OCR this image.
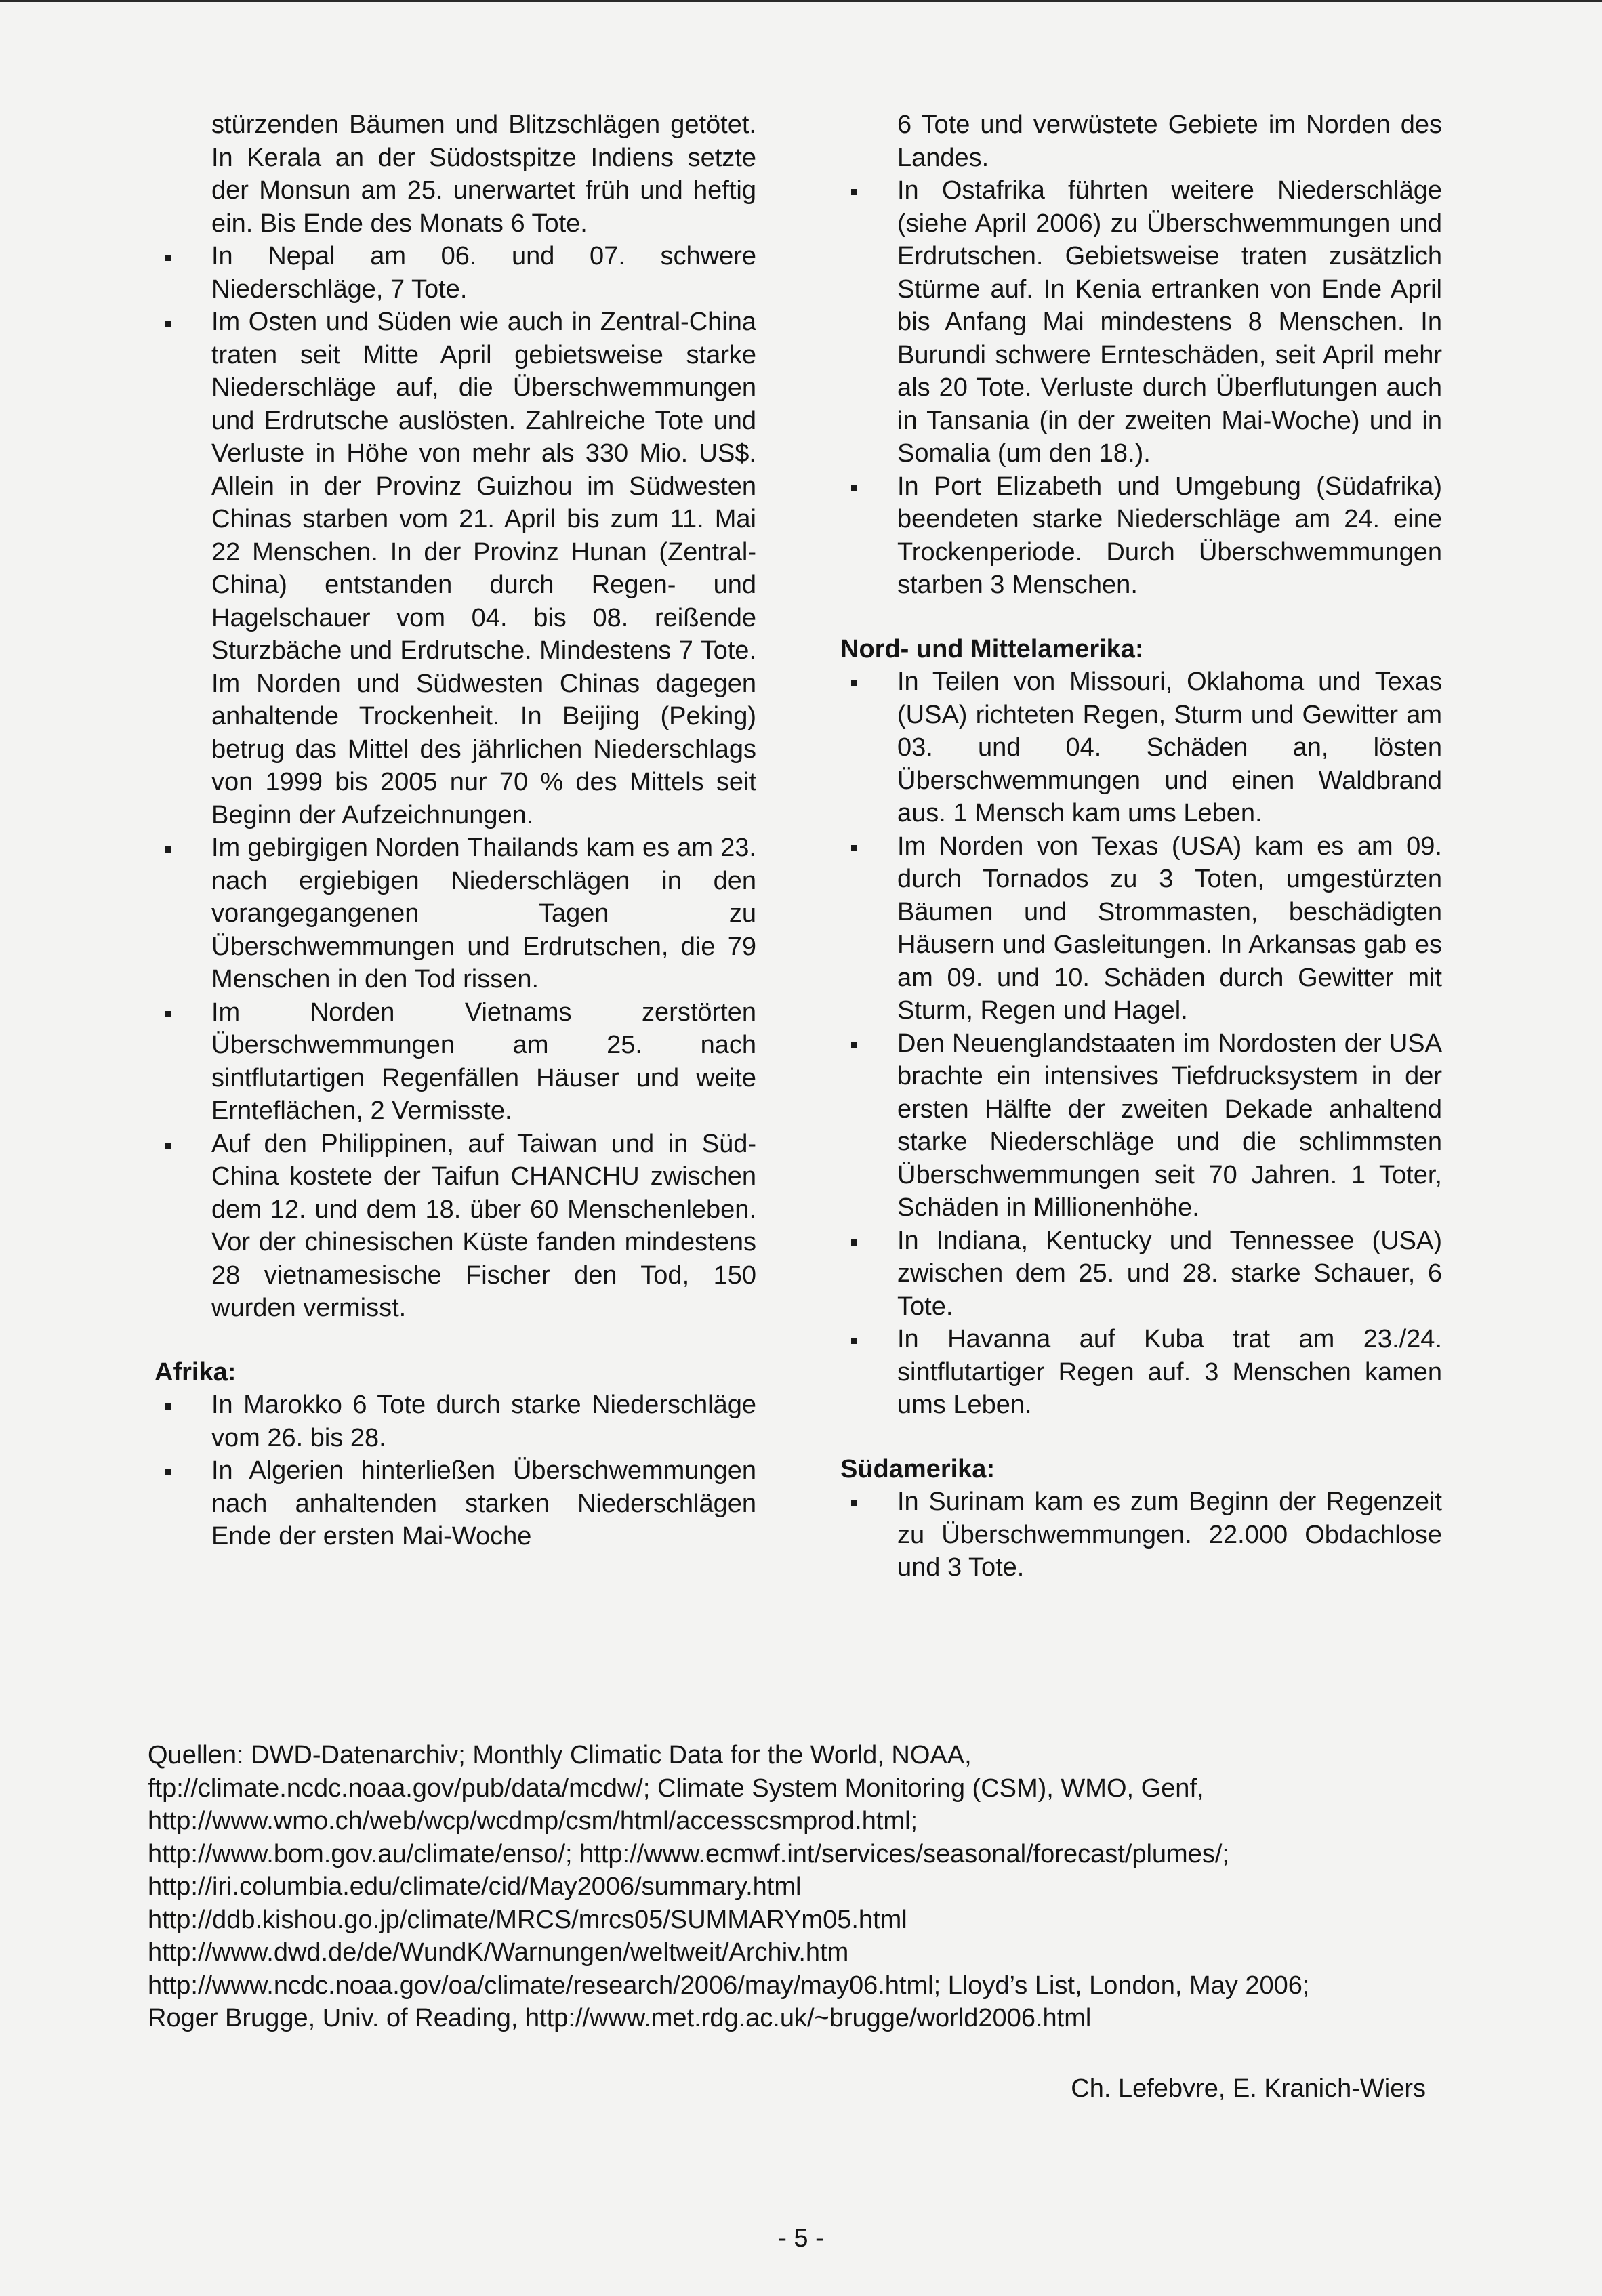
stürzenden Bäumen und Blitzschlägen getötet. In Kerala an der Südostspitze Indiens setzte der Monsun am 25. unerwartet früh und heftig ein. Bis Ende des Monats 6 Tote.

In Nepal am 06. und 07. schwere Niederschläge, 7 Tote.
Im Osten und Süden wie auch in Zentral-China traten seit Mitte April gebietsweise starke Niederschläge auf, die Überschwemmungen und Erdrutsche auslösten. Zahlreiche Tote und Verluste in Höhe von mehr als 330 Mio. US$. Allein in der Provinz Guizhou im Südwesten Chinas starben vom 21. April bis zum 11. Mai 22 Menschen. In der Provinz Hunan (Zentral-China) entstanden durch Regen- und Hagelschauer vom 04. bis 08. reißende Sturzbäche und Erdrutsche. Mindestens 7 Tote. Im Norden und Südwesten Chinas dagegen anhaltende Trockenheit. In Beijing (Peking) betrug das Mittel des jährlichen Niederschlags von 1999 bis 2005 nur 70 % des Mittels seit Beginn der Aufzeichnungen.
Im gebirgigen Norden Thailands kam es am 23. nach ergiebigen Niederschlägen in den vorangegangenen Tagen zu Überschwemmungen und Erdrutschen, die 79 Menschen in den Tod rissen.
Im Norden Vietnams zerstörten Überschwemmungen am 25. nach sintflutartigen Regenfällen Häuser und weite Ernteflächen, 2 Vermisste.
Auf den Philippinen, auf Taiwan und in Süd-China kostete der Taifun CHANCHU zwischen dem 12. und dem 18. über 60 Menschenleben. Vor der chinesischen Küste fanden mindestens 28 vietnamesische Fischer den Tod, 150 wurden vermisst.
Afrika:
In Marokko 6 Tote durch starke Niederschläge vom 26. bis 28.
In Algerien hinterließen Überschwemmungen nach anhaltenden starken Niederschlägen Ende der ersten Mai-Woche

6 Tote und verwüstete Gebiete im Norden des Landes.

In Ostafrika führten weitere Niederschläge (siehe April 2006) zu Überschwemmungen und Erdrutschen. Gebietsweise traten zusätzlich Stürme auf. In Kenia ertranken von Ende April bis Anfang Mai mindestens 8 Menschen. In Burundi schwere Ernteschäden, seit April mehr als 20 Tote. Verluste durch Überflutungen auch in Tansania (in der zweiten Mai-Woche) und in Somalia (um den 18.).
In Port Elizabeth und Umgebung (Südafrika) beendeten starke Niederschläge am 24. eine Trockenperiode. Durch Überschwemmungen starben 3 Menschen.
Nord- und Mittelamerika:
In Teilen von Missouri, Oklahoma und Texas (USA) richteten Regen, Sturm und Gewitter am 03. und 04. Schäden an, lösten Überschwemmungen und einen Waldbrand aus. 1 Mensch kam ums Leben.
Im Norden von Texas (USA) kam es am 09. durch Tornados zu 3 Toten, umgestürzten Bäumen und Strommasten, beschädigten Häusern und Gasleitungen. In Arkansas gab es am 09. und 10. Schäden durch Gewitter mit Sturm, Regen und Hagel.
Den Neuenglandstaaten im Nordosten der USA brachte ein intensives Tiefdrucksystem in der ersten Hälfte der zweiten Dekade anhaltend starke Niederschläge und die schlimmsten Überschwemmungen seit 70 Jahren. 1 Toter, Schäden in Millionenhöhe.
In Indiana, Kentucky und Tennessee (USA) zwischen dem 25. und 28. starke Schauer, 6 Tote.
In Havanna auf Kuba trat am 23./24. sintflutartiger Regen auf. 3 Menschen kamen ums Leben.
Südamerika:
In Surinam kam es zum Beginn der Regenzeit zu Überschwemmungen. 22.000 Obdachlose und 3 Tote.
Quellen: DWD-Datenarchiv; Monthly Climatic Data for the World, NOAA,
ftp://climate.ncdc.noaa.gov/pub/data/mcdw/; Climate System Monitoring (CSM), WMO, Genf,
http://www.wmo.ch/web/wcp/wcdmp/csm/html/accesscsmprod.html;
http://www.bom.gov.au/climate/enso/; http://www.ecmwf.int/services/seasonal/forecast/plumes/;
http://iri.columbia.edu/climate/cid/May2006/summary.html
http://ddb.kishou.go.jp/climate/MRCS/mrcs05/SUMMARYm05.html
http://www.dwd.de/de/WundK/Warnungen/weltweit/Archiv.htm
http://www.ncdc.noaa.gov/oa/climate/research/2006/may/may06.html; Lloyd’s List, London, May 2006;
Roger Brugge, Univ. of Reading, http://www.met.rdg.ac.uk/~brugge/world2006.html
Ch. Lefebvre, E. Kranich-Wiers
- 5 -
